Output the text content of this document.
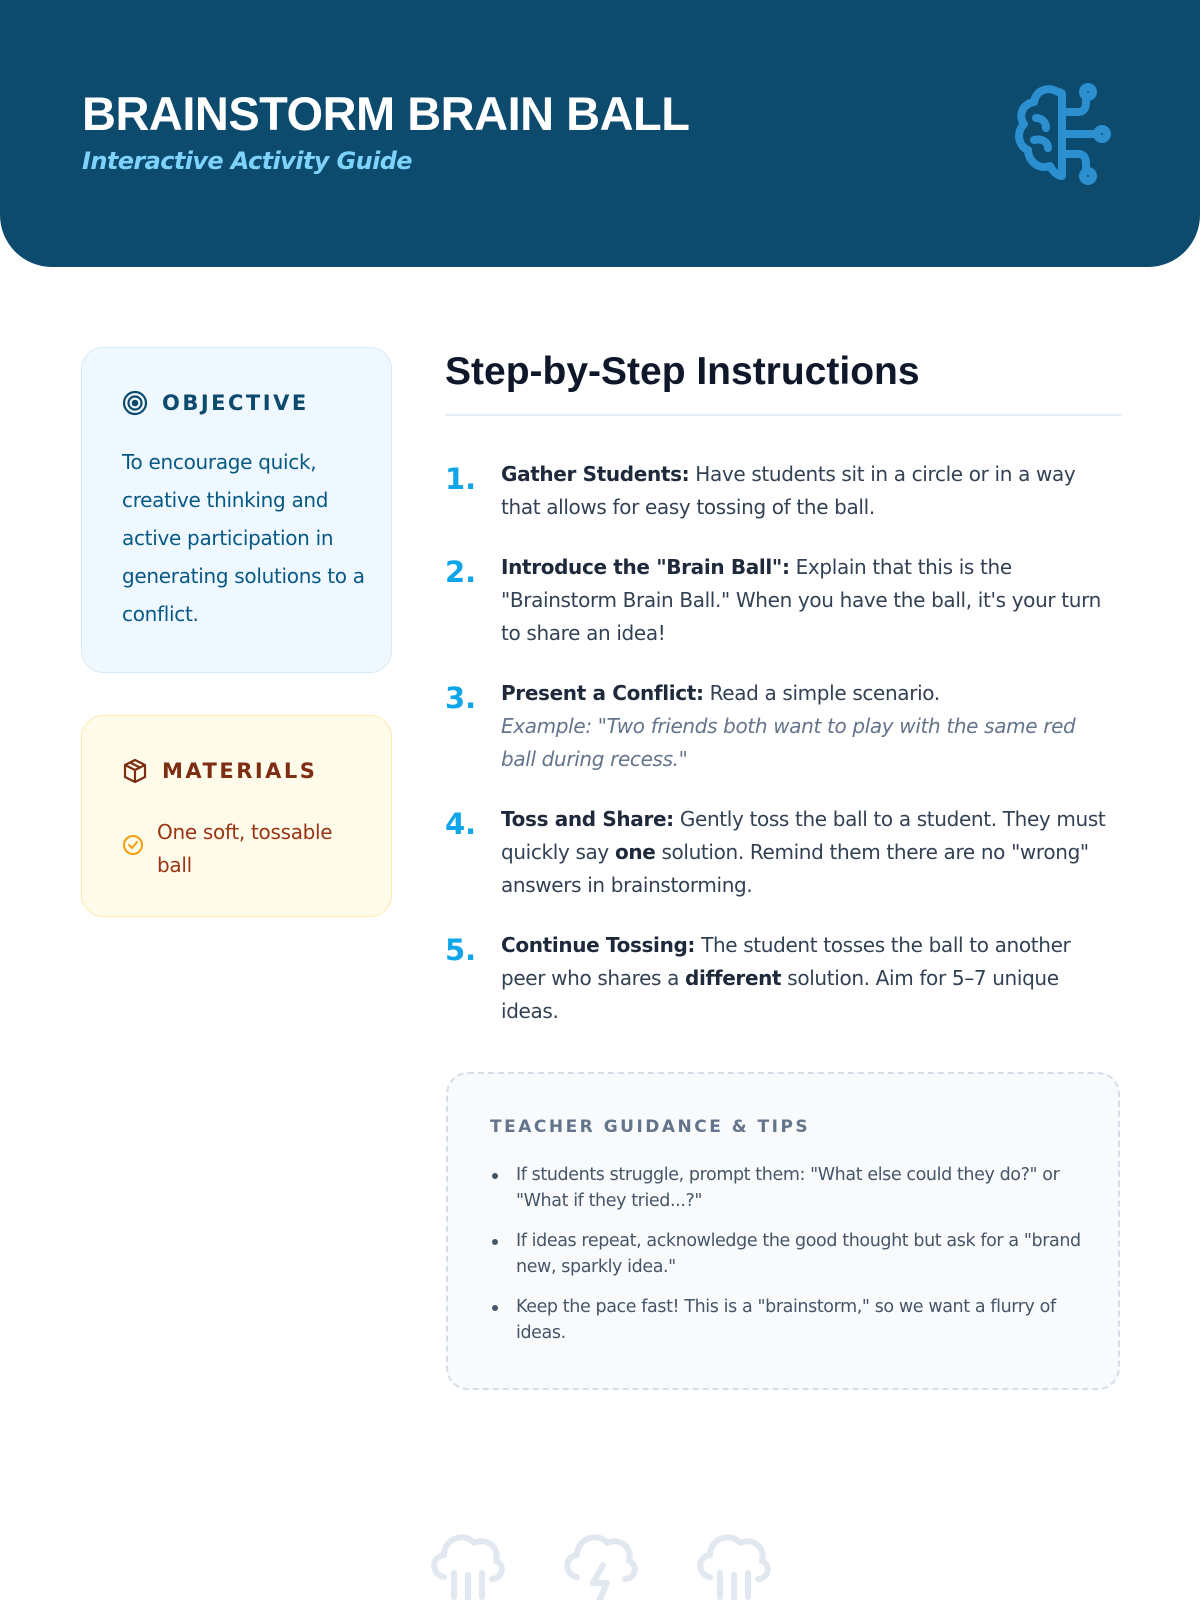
BRAINSTORM BRAIN BALL
Interactive Activity Guide
OBJECTIVE

To encourage quick, creative thinking and active participation in generating solutions to a conflict.

MATERIALS
One soft, tossable ball
Step-by-Step Instructions
1.	Gather Students: Have students sit in a circle or in a way that allows for easy tossing of the ball.
2.	Introduce the "Brain Ball": Explain that this is the "Brainstorm Brain Ball." When you have the ball, it's your turn to share an idea!
3.	Present a Conflict: Read a simple scenario.
Example: "Two friends both want to play with the same red ball during recess."
4.	Toss and Share: Gently toss the ball to a student. They must quickly say one solution. Remind them there are no "wrong" answers in brainstorming.
5.	Continue Tossing: The student tosses the ball to another peer who shares a different solution. Aim for 5–7 unique ideas.
TEACHER GUIDANCE & TIPS
If students struggle, prompt them: "What else could they do?" or "What if they tried...?"
If ideas repeat, acknowledge the good thought but ask for a "brand new, sparkly idea."
Keep the pace fast! This is a "brainstorm," so we want a flurry of ideas.
